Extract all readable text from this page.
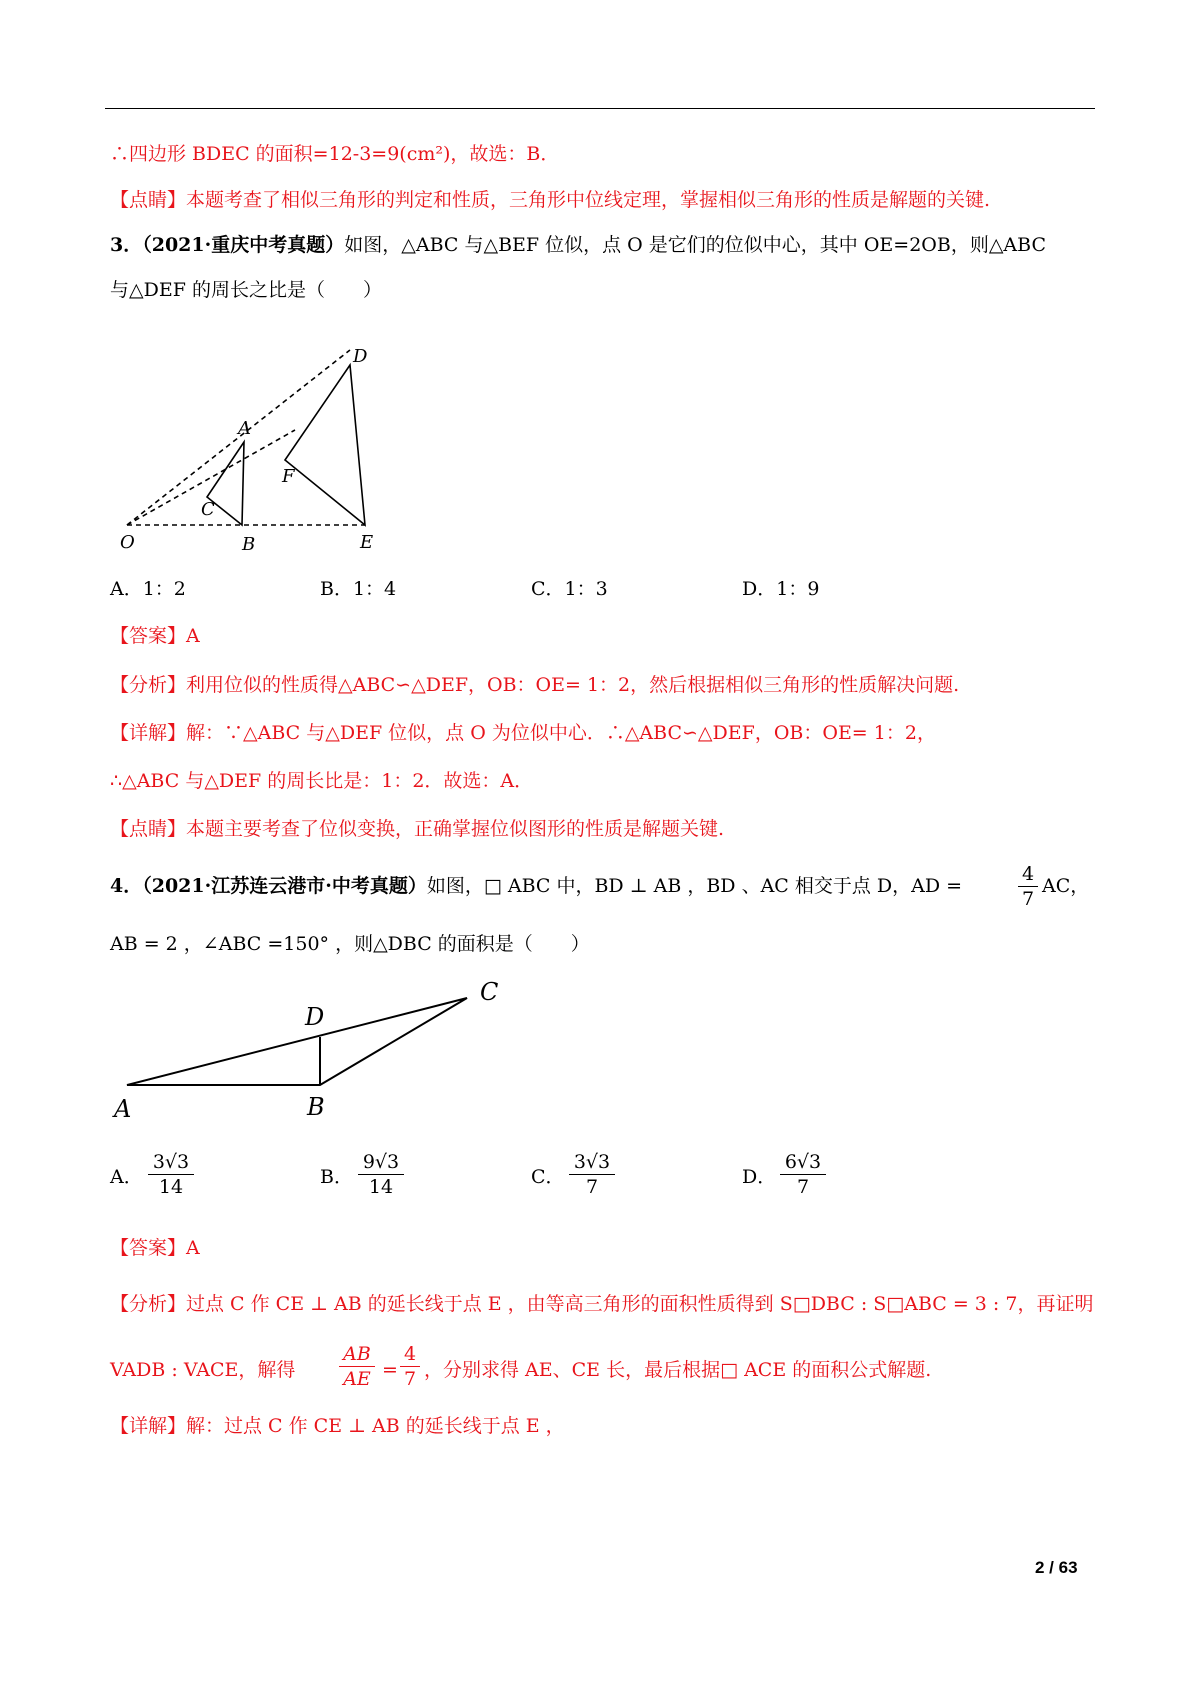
∴四边形 BDEC 的面积=12-3=9(cm²)，故选：B．
【点睛】本题考查了相似三角形的判定和性质，三角形中位线定理，掌握相似三角形的性质是解题的关键.
3．（2021·重庆中考真题）如图，△ABC 与△BEF 位似，点 O 是它们的位似中心，其中 OE=2OB，则△ABC
与△DEF 的周长之比是（　　）
D
A
F
C
O	B	E
A．1：2	B．1：4	C．1：3	D．1：9
【答案】A
【分析】利用位似的性质得△ABC∽△DEF，OB：OE= 1：2，然后根据相似三角形的性质解决问题.
【详解】解：∵△ABC 与△DEF 位似，点 O 为位似中心．∴△ABC∽△DEF，OB：OE= 1：2，
∴△ABC 与△DEF 的周长比是：1：2．故选：A．
【点睛】本题主要考查了位似变换，正确掌握位似图形的性质是解题关键.
4．（2021·江苏连云港市·中考真题）如图，□ ABC 中，BD ⊥ AB ，BD 、AC 相交于点 D，AD =	$\frac{4}{7}$ AC，
AB = 2 ，∠ABC =150° ，则△DBC 的面积是（　　）
D
C
A	B
A． $\frac{3√3}{14}$	B． $\frac{9√3}{14}$	C． $\frac{3√3}{7}$	D． $\frac{6√3}{7}$
【答案】A
【分析】过点 C 作 CE ⊥ AB 的延长线于点 E ，由等高三角形的面积性质得到 S□DBC : S□ABC = 3 : 7，再证明
VADB : VACE，解得 $\frac{AB}{AE} = \frac{4}{7}$ ，分别求得 AE、CE 长，最后根据□ ACE 的面积公式解题.
【详解】解：过点 C 作 CE ⊥ AB 的延长线于点 E ，
2 / 63
